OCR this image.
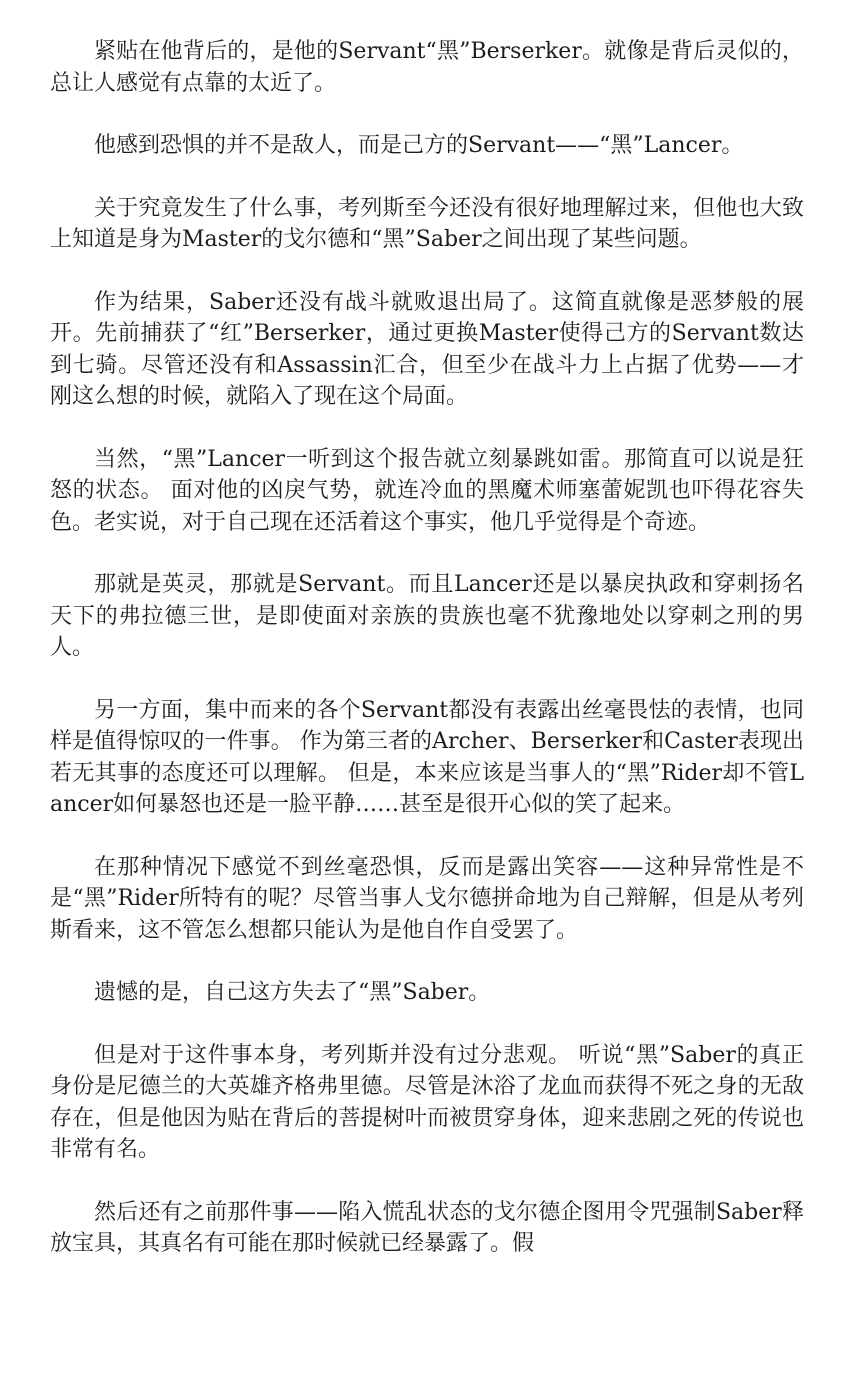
紧贴在他背后的，是他的Servant“黑”Berserker。就像是背后灵似的，总让人感觉有点靠的太近了。

他感到恐惧的并不是敌人，而是己方的Servant——“黑”Lancer。

关于究竟发生了什么事，考列斯至今还没有很好地理解过来，但他也大致上知道是身为Master的戈尔德和“黑”Saber之间出现了某些问题。

作为结果，Saber还没有战斗就败退出局了。这简直就像是恶梦般的展开。先前捕获了“红”Berserker，通过更换Master使得己方的Servant数达到七骑。尽管还没有和Assassin汇合，但至少在战斗力上占据了优势——才刚这么想的时候，就陷入了现在这个局面。

当然，“黑”Lancer一听到这个报告就立刻暴跳如雷。那简直可以说是狂怒的状态。 面对他的凶戾气势，就连冷血的黑魔术师塞蕾妮凯也吓得花容失色。老实说，对于自己现在还活着这个事实，他几乎觉得是个奇迹。

那就是英灵，那就是Servant。而且Lancer还是以暴戾执政和穿刺扬名天下的弗拉德三世，是即使面对亲族的贵族也毫不犹豫地处以穿刺之刑的男人。

另一方面，集中而来的各个Servant都没有表露出丝毫畏怯的表情，也同样是值得惊叹的一件事。 作为第三者的Archer、Berserker和Caster表现出若无其事的态度还可以理解。 但是，本来应该是当事人的“黑”Rider却不管Lancer如何暴怒也还是一脸平静……甚至是很开心似的笑了起来。

在那种情况下感觉不到丝毫恐惧，反而是露出笑容——这种异常性是不是“黑”Rider所特有的呢？尽管当事人戈尔德拼命地为自己辩解，但是从考列斯看来，这不管怎么想都只能认为是他自作自受罢了。

遗憾的是，自己这方失去了“黑”Saber。

但是对于这件事本身，考列斯并没有过分悲观。 听说“黑”Saber的真正身份是尼德兰的大英雄齐格弗里德。尽管是沐浴了龙血而获得不死之身的无敌存在，但是他因为贴在背后的菩提树叶而被贯穿身体，迎来悲剧之死的传说也非常有名。

然后还有之前那件事——陷入慌乱状态的戈尔德企图用令咒强制Saber释放宝具，其真名有可能在那时候就已经暴露了。假
